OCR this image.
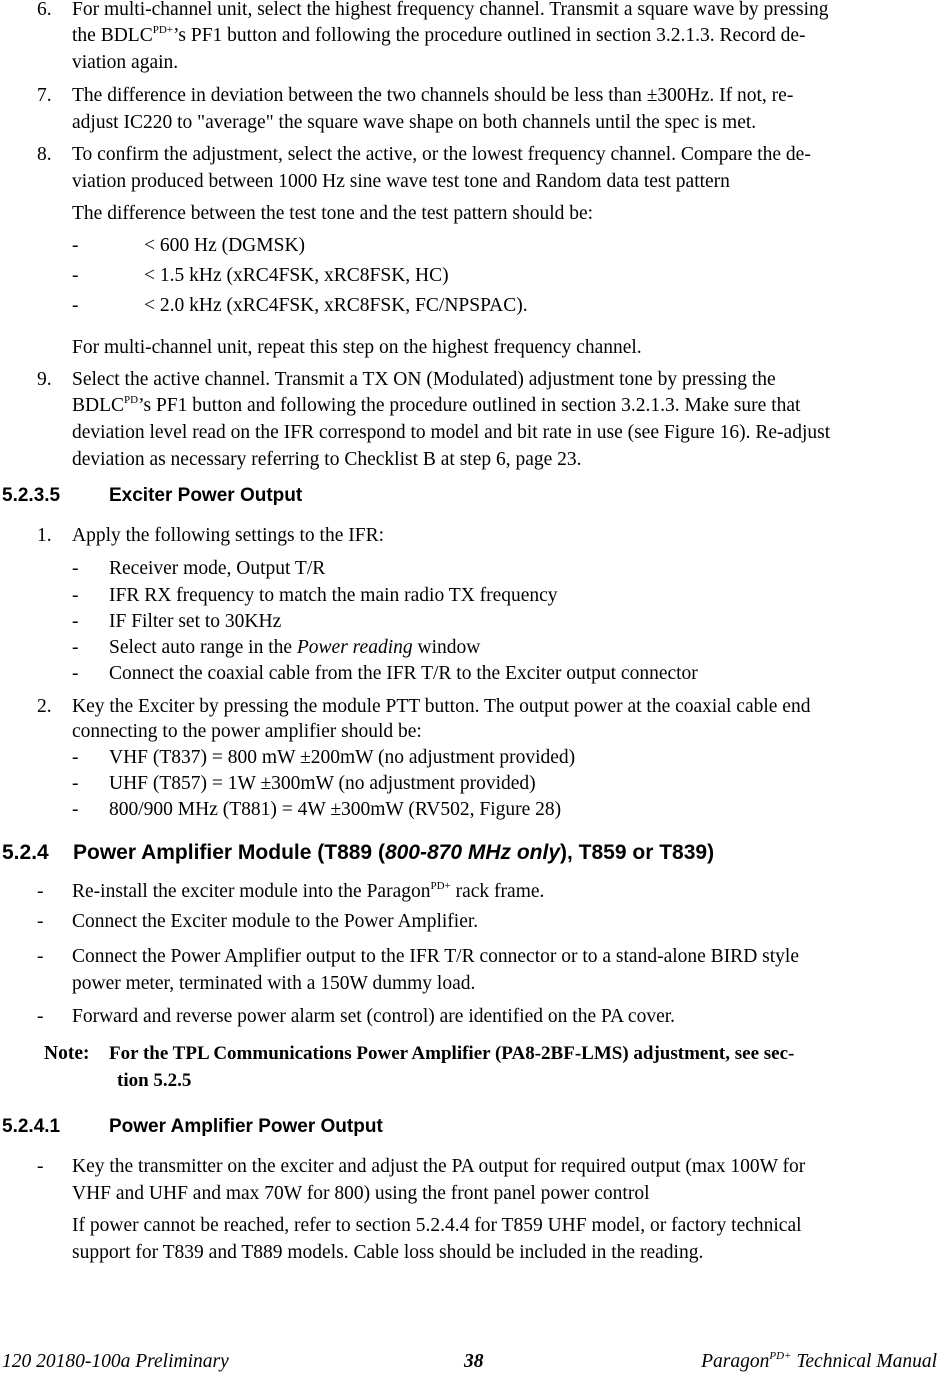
6. For multi-channel unit, select the highest frequency channel. Transmit a square wave by pressing
the $BDLC^{PD+}’s$ PF1 button and following the procedure outlined in section 3.2.1.3. Record de-
viation again.
7. The difference in deviation between the two channels should be less than ±300Hz. If not, re-
adjust IC220 to "average" the square wave shape on both channels until the spec is met.
8. To confirm the adjustment, select the active, or the lowest frequency channel. Compare the de-
viation produced between 1000 Hz sine wave test tone and Random data test pattern
The difference between the test tone and the test pattern should be:
-	< 600 Hz (DGMSK)
-	< 1.5 kHz (xRC4FSK, xRC8FSK, HC)
-	< 2.0 kHz (xRC4FSK, xRC8FSK, FC/NPSPAC).
For multi-channel unit, repeat this step on the highest frequency channel.
9. Select the active channel. Transmit a TX ON (Modulated) adjustment tone by pressing the
$BDLC^{PD}’s$ PF1 button and following the procedure outlined in section 3.2.1.3. Make sure that
deviation level read on the IFR correspond to model and bit rate in use (see Figure 16). Re-adjust
deviation as necessary referring to Checklist B at step 6, page 23.
5.2.3.5	Exciter Power Output
1. Apply the following settings to the IFR:
- Receiver mode, Output T/R
- IFR RX frequency to match the main radio TX frequency
- IF Filter set to 30KHz
- Select auto range in the Power reading window
- Connect the coaxial cable from the IFR T/R to the Exciter output connector
2. Key the Exciter by pressing the module PTT button. The output power at the coaxial cable end
connecting to the power amplifier should be:
- VHF (T837) = 800 mW ±200mW (no adjustment provided)
- UHF (T857) = 1W ±300mW (no adjustment provided)
- 800/900 MHz (T881) = 4W ±300mW (RV502, Figure 28)
5.2.4 Power Amplifier Module (T889 (800-870 MHz only), T859 or T839)
- Re-install the exciter module into the Paragon$^{PD+}$ rack frame.
- Connect the Exciter module to the Power Amplifier.
- Connect the Power Amplifier output to the IFR T/R connector or to a stand-alone BIRD style
power meter, terminated with a 150W dummy load.
- Forward and reverse power alarm set (control) are identified on the PA cover.
Note: For the TPL Communications Power Amplifier (PA8-2BF-LMS) adjustment, see sec-
tion 5.2.5
5.2.4.1	Power Amplifier Power Output
- Key the transmitter on the exciter and adjust the PA output for required output (max 100W for
VHF and UHF and max 70W for 800) using the front panel power control
If power cannot be reached, refer to section 5.2.4.4 for T859 UHF model, or factory technical
support for T839 and T889 models. Cable loss should be included in the reading.
120 20180-100a Preliminary	38	Paragon$^{PD+}$ Technical Manual
